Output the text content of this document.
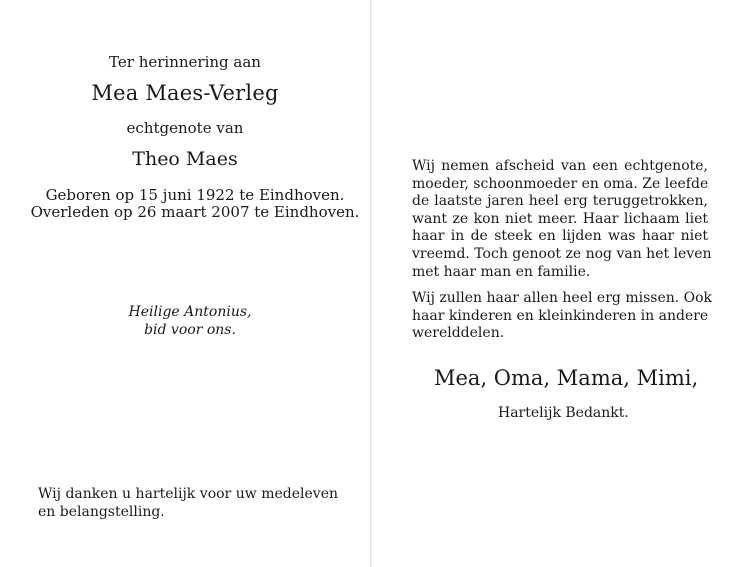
Ter herinnering aan
Mea Maes-Verleg
echtgenote van
Theo Maes
Geboren op 15 juni 1922 te Eindhoven.
Overleden op 26 maart 2007 te Eindhoven.
Heilige Antonius,
bid voor ons.
Wij danken u hartelijk voor uw medeleven
en belangstelling.
Wij nemen afscheid van een echtgenote,
moeder, schoonmoeder en oma. Ze leefde
de laatste jaren heel erg teruggetrokken,
want ze kon niet meer. Haar lichaam liet
haar in de steek en lijden was haar niet
vreemd. Toch genoot ze nog van het leven
met haar man en familie.
Wij zullen haar allen heel erg missen. Ook
haar kinderen en kleinkinderen in andere
werelddelen.
Mea, Oma, Mama, Mimi,
Hartelijk Bedankt.
